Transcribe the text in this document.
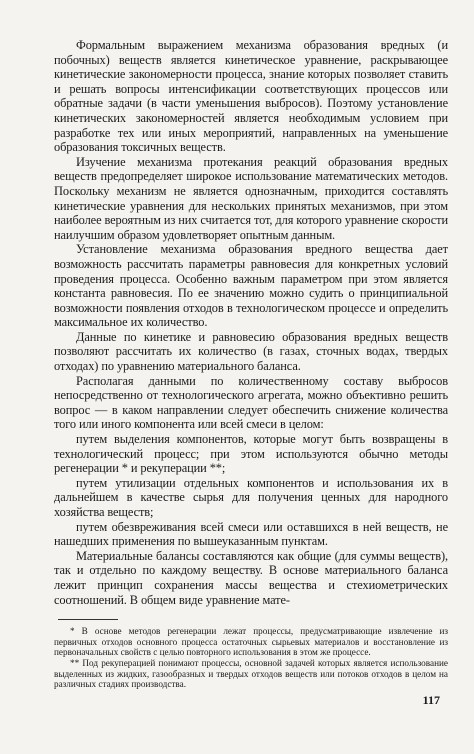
Формальным выражением механизма образования вредных (и побочных) веществ является кинетическое уравнение, раскрывающее кинетические закономерности процесса, знание которых позволяет ставить и решать вопросы интенсификации соответствующих процессов или обратные задачи (в части уменьшения выбросов). Поэтому установление кинетических закономерностей является необходимым условием при разработке тех или иных мероприятий, направленных на уменьшение образования токсичных веществ.

Изучение механизма протекания реакций образования вредных веществ предопределяет широкое использование математических методов. Поскольку механизм не является однозначным, приходится составлять кинетические уравнения для нескольких принятых механизмов, при этом наиболее вероятным из них считается тот, для которого уравнение скорости наилучшим образом удовлетворяет опытным данным.

Установление механизма образования вредного вещества дает возможность рассчитать параметры равновесия для конкретных условий проведения процесса. Особенно важным параметром при этом является константа равновесия. По ее значению можно судить о принципиальной возможности появления отходов в технологическом процессе и определить максимальное их количество.

Данные по кинетике и равновесию образования вредных веществ позволяют рассчитать их количество (в газах, сточных водах, твердых отходах) по уравнению материального баланса.

Располагая данными по количественному составу выбросов непосредственно от технологического агрегата, можно объективно решить вопрос — в каком направлении следует обеспечить снижение количества того или иного компонента или всей смеси в целом:

путем выделения компонентов, которые могут быть возвращены в технологический процесс; при этом используются обычно методы регенерации * и рекуперации **;

путем утилизации отдельных компонентов и использования их в дальнейшем в качестве сырья для получения ценных для народного хозяйства веществ;

путем обезвреживания всей смеси или оставшихся в ней веществ, не нашедших применения по вышеуказанным пунктам.

Материальные балансы составляются как общие (для суммы веществ), так и отдельно по каждому веществу. В основе материального баланса лежит принцип сохранения массы вещества и стехиометрических соотношений. В общем виде уравнение мате-

* В основе методов регенерации лежат процессы, предусматривающие извлечение из первичных отходов основного процесса остаточных сырьевых материалов и восстановление из первоначальных свойств с целью повторного использования в этом же процессе.

** Под рекуперацией понимают процессы, основной задачей которых является использование выделенных из жидких, газообразных и твердых отходов веществ или потоков отходов в целом на различных стадиях производства.

117
